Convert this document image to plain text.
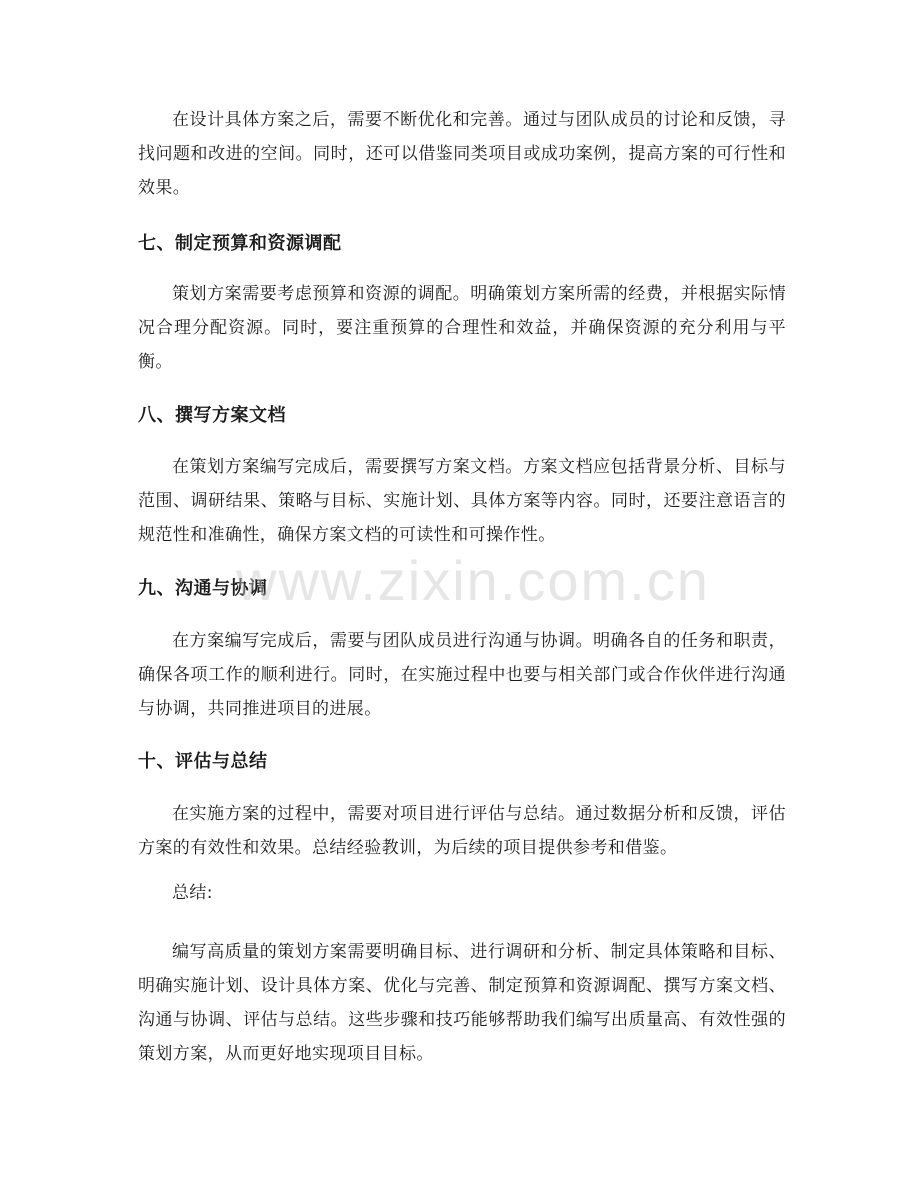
在设计具体方案之后，需要不断优化和完善。通过与团队成员的讨论和反馈，寻找问题和改进的空间。同时，还可以借鉴同类项目或成功案例，提高方案的可行性和效果。

七、制定预算和资源调配

策划方案需要考虑预算和资源的调配。明确策划方案所需的经费，并根据实际情况合理分配资源。同时，要注重预算的合理性和效益，并确保资源的充分利用与平衡。

八、撰写方案文档

在策划方案编写完成后，需要撰写方案文档。方案文档应包括背景分析、目标与范围、调研结果、策略与目标、实施计划、具体方案等内容。同时，还要注意语言的规范性和准确性，确保方案文档的可读性和可操作性。

九、沟通与协调

在方案编写完成后，需要与团队成员进行沟通与协调。明确各自的任务和职责，确保各项工作的顺利进行。同时，在实施过程中也要与相关部门或合作伙伴进行沟通与协调，共同推进项目的进展。

十、评估与总结

在实施方案的过程中，需要对项目进行评估与总结。通过数据分析和反馈，评估方案的有效性和效果。总结经验教训，为后续的项目提供参考和借鉴。

总结:

编写高质量的策划方案需要明确目标、进行调研和分析、制定具体策略和目标、明确实施计划、设计具体方案、优化与完善、制定预算和资源调配、撰写方案文档、沟通与协调、评估与总结。这些步骤和技巧能够帮助我们编写出质量高、有效性强的策划方案，从而更好地实现项目目标。

www.zixin.com.cn
